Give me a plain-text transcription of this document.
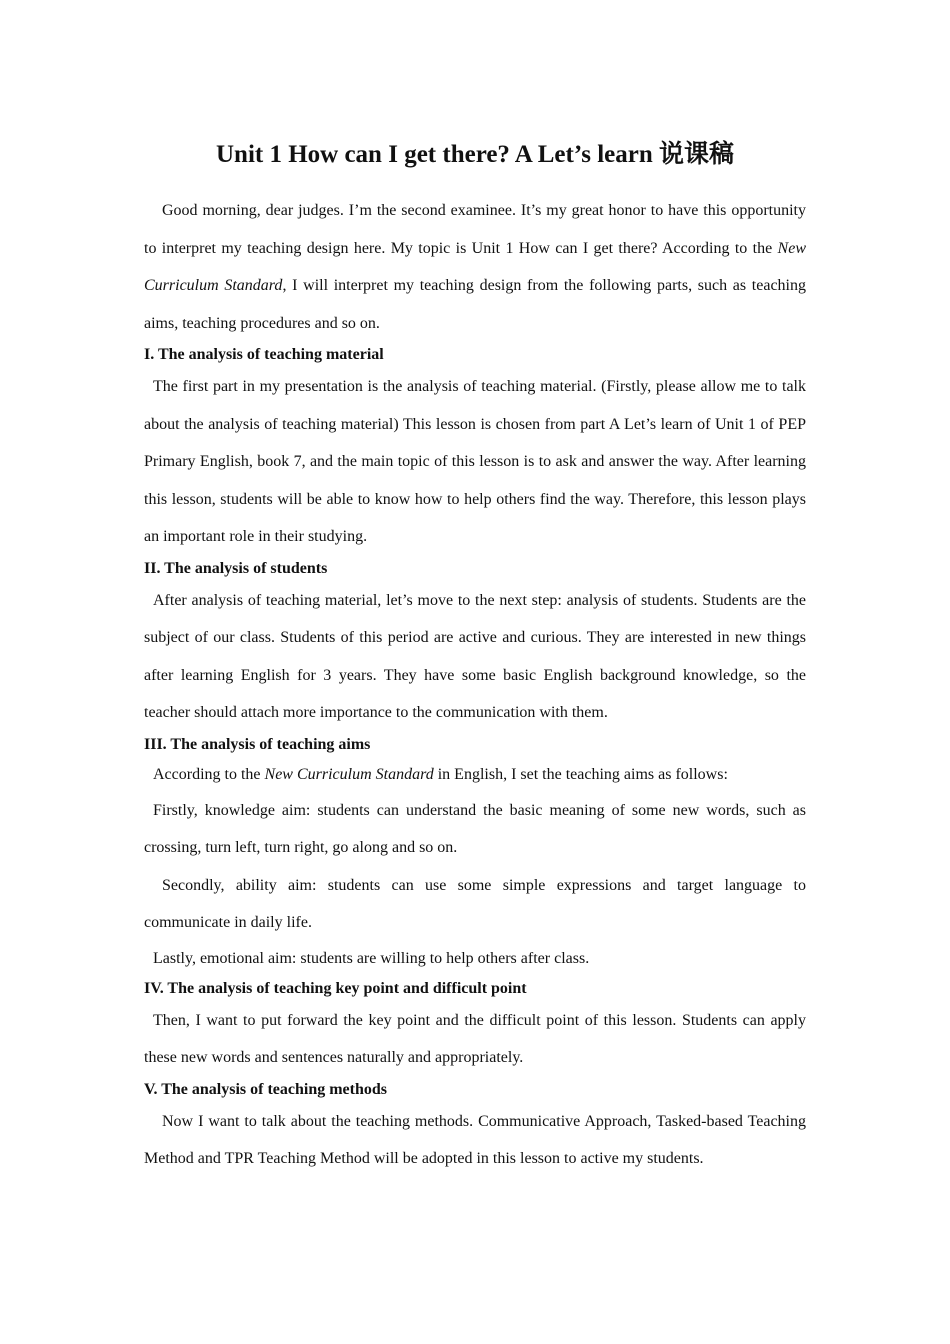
Unit 1 How can I get there? A Let’s learn 说课稿

Good morning, dear judges. I’m the second examinee. It’s my great honor to have this opportunity to interpret my teaching design here. My topic is Unit 1 How can I get there? According to the New Curriculum Standard, I will interpret my teaching design from the following parts, such as teaching aims, teaching procedures and so on.

I. The analysis of teaching material

The first part in my presentation is the analysis of teaching material. (Firstly, please allow me to talk about the analysis of teaching material) This lesson is chosen from part A Let’s learn of Unit 1 of PEP Primary English, book 7, and the main topic of this lesson is to ask and answer the way. After learning this lesson, students will be able to know how to help others find the way. Therefore, this lesson plays an important role in their studying.

II. The analysis of students

After analysis of teaching material, let’s move to the next step: analysis of students. Students are the subject of our class. Students of this period are active and curious. They are interested in new things after learning English for 3 years. They have some basic English background knowledge, so the teacher should attach more importance to the communication with them.

III. The analysis of teaching aims

According to the New Curriculum Standard in English, I set the teaching aims as follows:

Firstly, knowledge aim: students can understand the basic meaning of some new words, such as crossing, turn left, turn right, go along and so on.

Secondly, ability aim: students can use some simple expressions and target language to communicate in daily life.

Lastly, emotional aim: students are willing to help others after class.

IV. The analysis of teaching key point and difficult point

Then, I want to put forward the key point and the difficult point of this lesson. Students can apply these new words and sentences naturally and appropriately.

V. The analysis of teaching methods

Now I want to talk about the teaching methods. Communicative Approach, Tasked-based Teaching Method and TPR Teaching Method will be adopted in this lesson to active my students.
